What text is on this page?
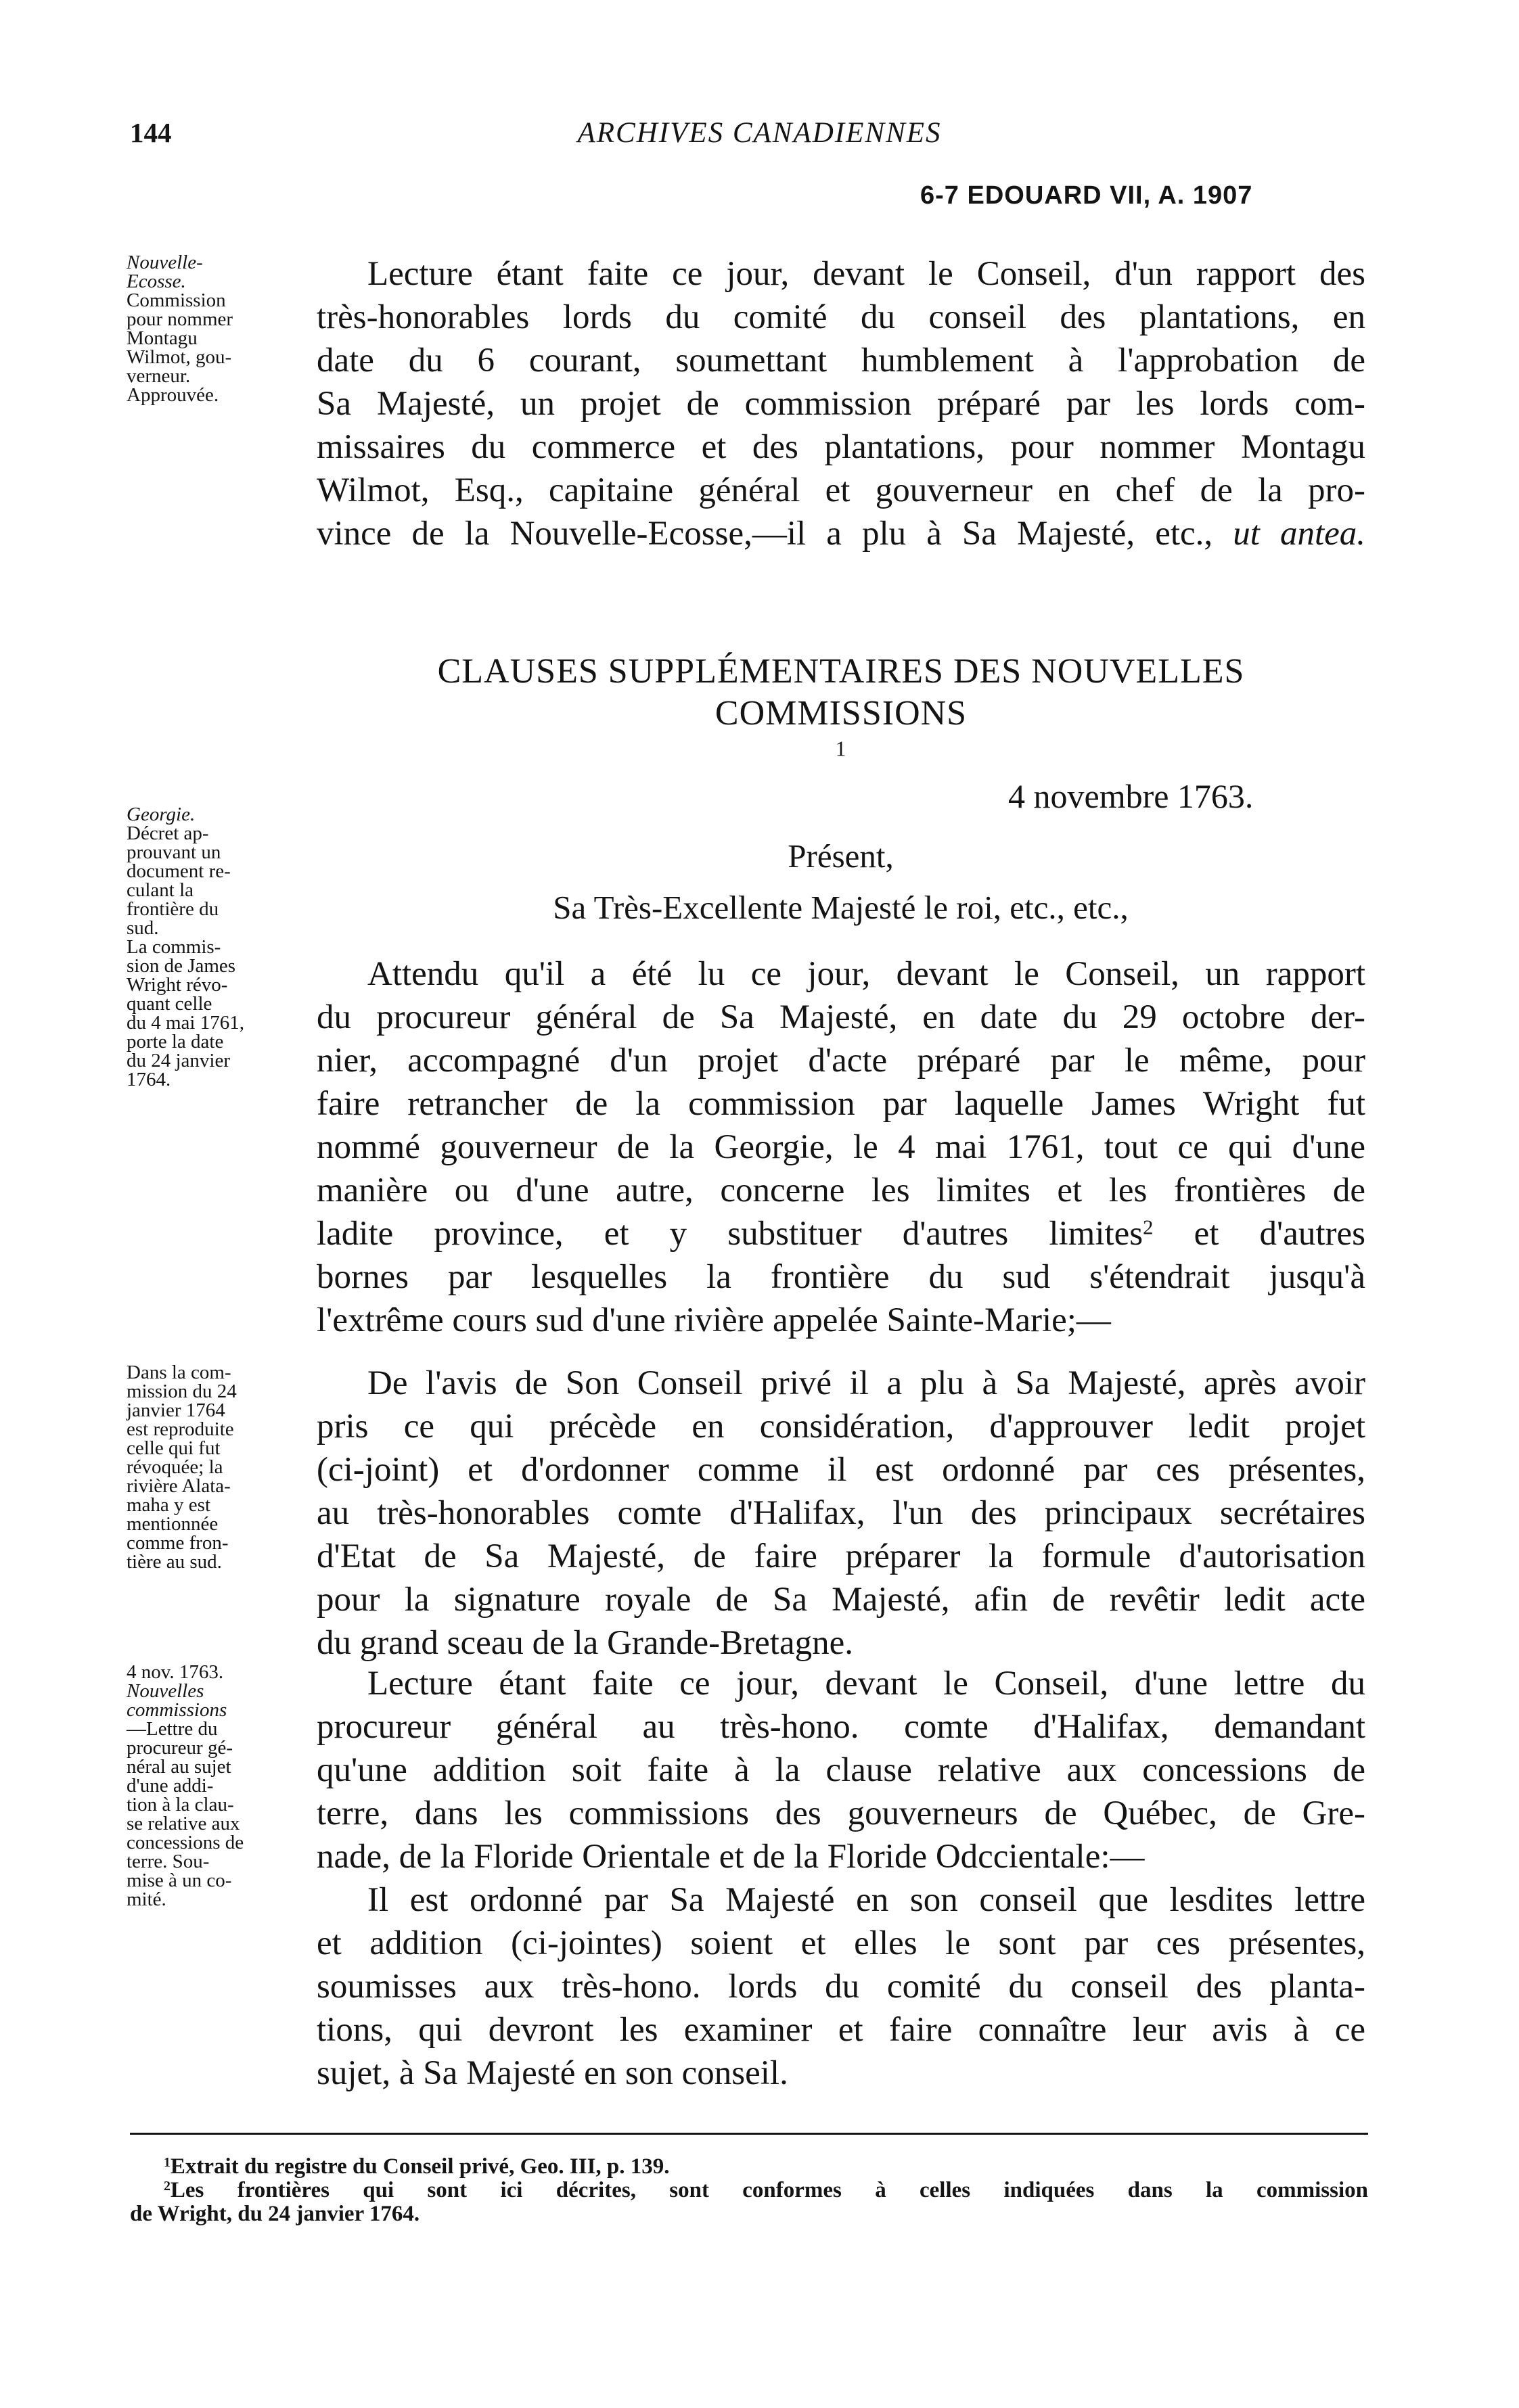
144	ARCHIVES CANADIENNES
6-7 EDOUARD VII, A. 1907
Nouvelle-
Ecosse.
Commission
pour nommer
Montagu
Wilmot, gou-
verneur.
Approuvée.
Georgie.
Décret ap-
prouvant un
document re-
culant la
frontière du
sud.
La commis-
sion de James
Wright révo-
quant celle
du 4 mai 1761,
porte la date
du 24 janvier
1764.
Dans la com-
mission du 24
janvier 1764
est reproduite
celle qui fut
révoquée; la
rivière Alata-
maha y est
mentionnée
comme fron-
tière au sud.
4 nov. 1763.
Nouvelles
commissions
—Lettre du
procureur gé-
néral au sujet
d'une addi-
tion à la clau-
se relative aux
concessions de
terre. Sou-
mise à un co-
mité.
Lecture étant faite ce jour, devant le Conseil, d'un rapport des
très-honorables lords du comité du conseil des plantations, en
date du 6 courant, soumettant humblement à l'approbation de
Sa Majesté, un projet de commission préparé par les lords com-
missaires du commerce et des plantations, pour nommer Montagu
Wilmot, Esq., capitaine général et gouverneur en chef de la pro-
vince de la Nouvelle-Ecosse,—il a plu à Sa Majesté, etc., ut antea.
CLAUSES SUPPLÉMENTAIRES DES NOUVELLES
COMMISSIONS
$^1$
4 novembre 1763.
Présent,
Sa Très-Excellente Majesté le roi, etc., etc.,
Attendu qu'il a été lu ce jour, devant le Conseil, un rapport
du procureur général de Sa Majesté, en date du 29 octobre der-
nier, accompagné d'un projet d'acte préparé par le même, pour
faire retrancher de la commission par laquelle James Wright fut
nommé gouverneur de la Georgie, le 4 mai 1761, tout ce qui d'une
manière ou d'une autre, concerne les limites et les frontières de
ladite province, et y substituer d'autres limites$^2$ et d'autres
bornes par lesquelles la frontière du sud s'étendrait jusqu'à
l'extrême cours sud d'une rivière appelée Sainte-Marie;—
De l'avis de Son Conseil privé il a plu à Sa Majesté, après avoir
pris ce qui précède en considération, d'approuver ledit projet
(ci-joint) et d'ordonner comme il est ordonné par ces présentes,
au très-honorables comte d'Halifax, l'un des principaux secrétaires
d'Etat de Sa Majesté, de faire préparer la formule d'autorisation
pour la signature royale de Sa Majesté, afin de revêtir ledit acte
du grand sceau de la Grande-Bretagne.
Lecture étant faite ce jour, devant le Conseil, d'une lettre du
procureur général au très-hono. comte d'Halifax, demandant
qu'une addition soit faite à la clause relative aux concessions de
terre, dans les commissions des gouverneurs de Québec, de Gre-
nade, de la Floride Orientale et de la Floride Odccientale:—
Il est ordonné par Sa Majesté en son conseil que lesdites lettre
et addition (ci-jointes) soient et elles le sont par ces présentes,
soumisses aux très-hono. lords du comité du conseil des planta-
tions, qui devront les examiner et faire connaître leur avis à ce
sujet, à Sa Majesté en son conseil.
$^1$Extrait du registre du Conseil privé, Geo. III, p. 139.
$^2$Les frontières qui sont ici décrites, sont conformes à celles indiquées dans la commission
de Wright, du 24 janvier 1764.
